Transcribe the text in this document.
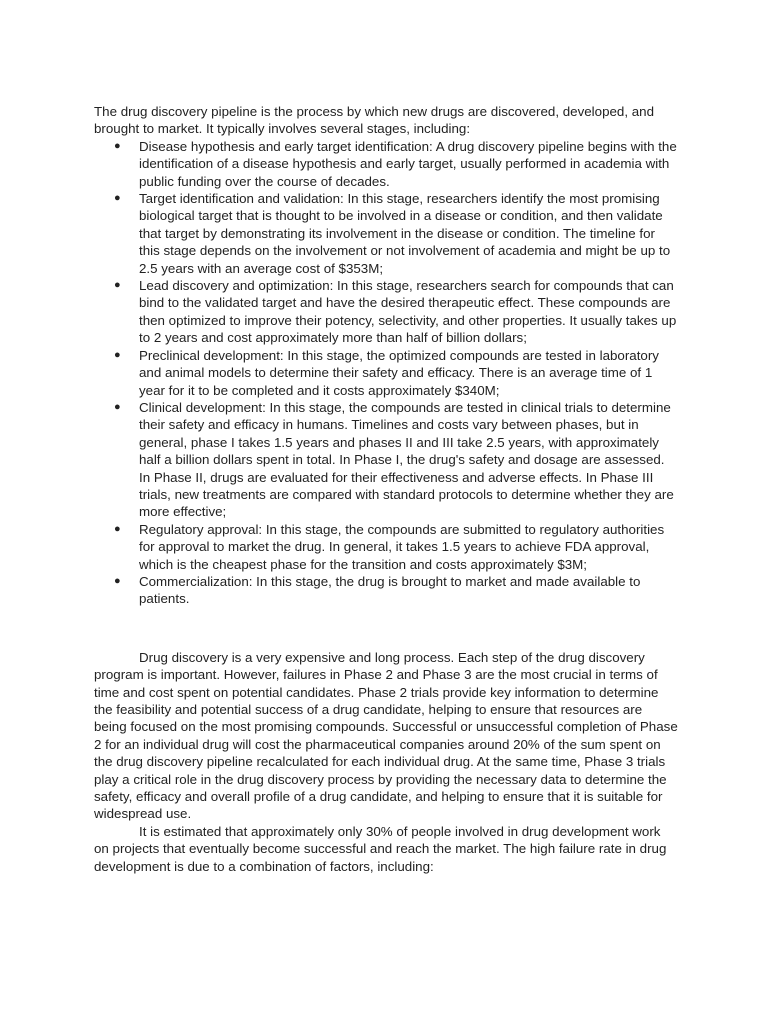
The drug discovery pipeline is the process by which new drugs are discovered, developed, and brought to market. It typically involves several stages, including:

● Disease hypothesis and early target identification: A drug discovery pipeline begins with the identification of a disease hypothesis and early target, usually performed in academia with public funding over the course of decades.
● Target identification and validation: In this stage, researchers identify the most promising biological target that is thought to be involved in a disease or condition, and then validate that target by demonstrating its involvement in the disease or condition. The timeline for this stage depends on the involvement or not involvement of academia and might be up to 2.5 years with an average cost of $353M;
● Lead discovery and optimization: In this stage, researchers search for compounds that can bind to the validated target and have the desired therapeutic effect. These compounds are then optimized to improve their potency, selectivity, and other properties. It usually takes up to 2 years and cost approximately more than half of billion dollars;
● Preclinical development: In this stage, the optimized compounds are tested in laboratory and animal models to determine their safety and efficacy. There is an average time of 1 year for it to be completed and it costs approximately $340M;
● Clinical development: In this stage, the compounds are tested in clinical trials to determine their safety and efficacy in humans. Timelines and costs vary between phases, but in general, phase I takes 1.5 years and phases II and III take 2.5 years, with approximately half a billion dollars spent in total. In Phase I, the drug's safety and dosage are assessed. In Phase II, drugs are evaluated for their effectiveness and adverse effects. In Phase III trials, new treatments are compared with standard protocols to determine whether they are more effective;
● Regulatory approval: In this stage, the compounds are submitted to regulatory authorities for approval to market the drug. In general, it takes 1.5 years to achieve FDA approval, which is the cheapest phase for the transition and costs approximately $3M;
● Commercialization: In this stage, the drug is brought to market and made available to patients.

Drug discovery is a very expensive and long process. Each step of the drug discovery program is important. However, failures in Phase 2 and Phase 3 are the most crucial in terms of time and cost spent on potential candidates. Phase 2 trials provide key information to determine the feasibility and potential success of a drug candidate, helping to ensure that resources are being focused on the most promising compounds. Successful or unsuccessful completion of Phase 2 for an individual drug will cost the pharmaceutical companies around 20% of the sum spent on the drug discovery pipeline recalculated for each individual drug. At the same time, Phase 3 trials play a critical role in the drug discovery process by providing the necessary data to determine the safety, efficacy and overall profile of a drug candidate, and helping to ensure that it is suitable for widespread use.

It is estimated that approximately only 30% of people involved in drug development work on projects that eventually become successful and reach the market. The high failure rate in drug development is due to a combination of factors, including:
